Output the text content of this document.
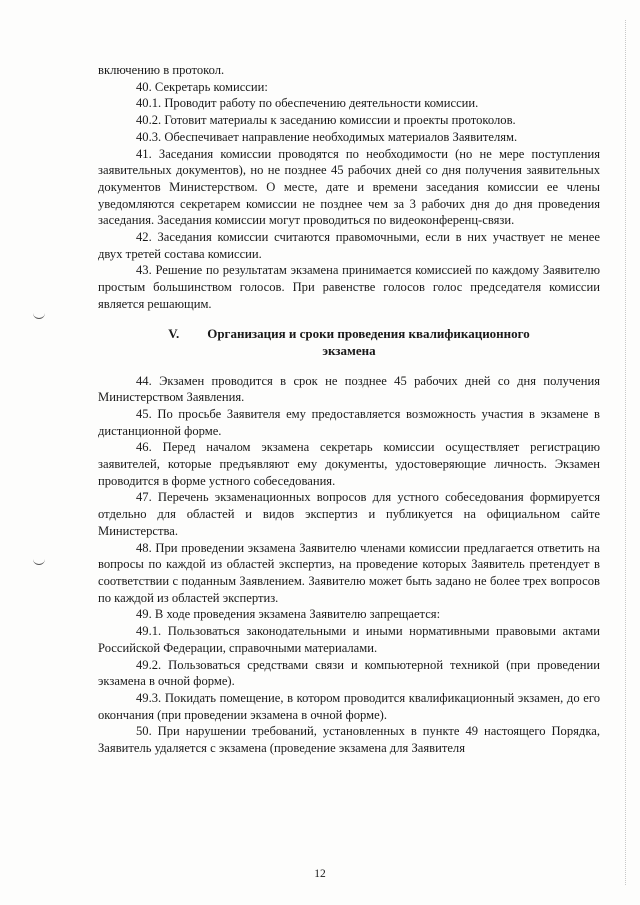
включению в протокол.

40. Секретарь комиссии:

40.1. Проводит работу по обеспечению деятельности комиссии.

40.2. Готовит материалы к заседанию комиссии и проекты протоколов.

40.3. Обеспечивает направление необходимых материалов Заявителям.

41. Заседания комиссии проводятся по необходимости (но не мере поступления заявительных документов), но не позднее 45 рабочих дней со дня получения заявительных документов Министерством. О месте, дате и времени заседания комиссии ее члены уведомляются секретарем комиссии не позднее чем за 3 рабочих дня до дня проведения заседания. Заседания комиссии могут проводиться по видеоконференц-связи.

42. Заседания комиссии считаются правомочными, если в них участвует не менее двух третей состава комиссии.

43. Решение по результатам экзамена принимается комиссией по каждому Заявителю простым большинством голосов. При равенстве голосов голос председателя комиссии является решающим.

V. Организация и сроки проведения квалификационного
экзамена

44. Экзамен проводится в срок не позднее 45 рабочих дней со дня получения Министерством Заявления.

45. По просьбе Заявителя ему предоставляется возможность участия в экзамене в дистанционной форме.

46. Перед началом экзамена секретарь комиссии осуществляет регистрацию заявителей, которые предъявляют ему документы, удостоверяющие личность. Экзамен проводится в форме устного собеседования.

47. Перечень экзаменационных вопросов для устного собеседования формируется отдельно для областей и видов экспертиз и публикуется на официальном сайте Министерства.

48. При проведении экзамена Заявителю членами комиссии предлагается ответить на вопросы по каждой из областей экспертиз, на проведение которых Заявитель претендует в соответствии с поданным Заявлением. Заявителю может быть задано не более трех вопросов по каждой из областей экспертиз.

49. В ходе проведения экзамена Заявителю запрещается:

49.1. Пользоваться законодательными и иными нормативными правовыми актами Российской Федерации, справочными материалами.

49.2. Пользоваться средствами связи и компьютерной техникой (при проведении экзамена в очной форме).

49.3. Покидать помещение, в котором проводится квалификационный экзамен, до его окончания (при проведении экзамена в очной форме).

50. При нарушении требований, установленных в пункте 49 настоящего Порядка, Заявитель удаляется с экзамена (проведение экзамена для Заявителя

12
